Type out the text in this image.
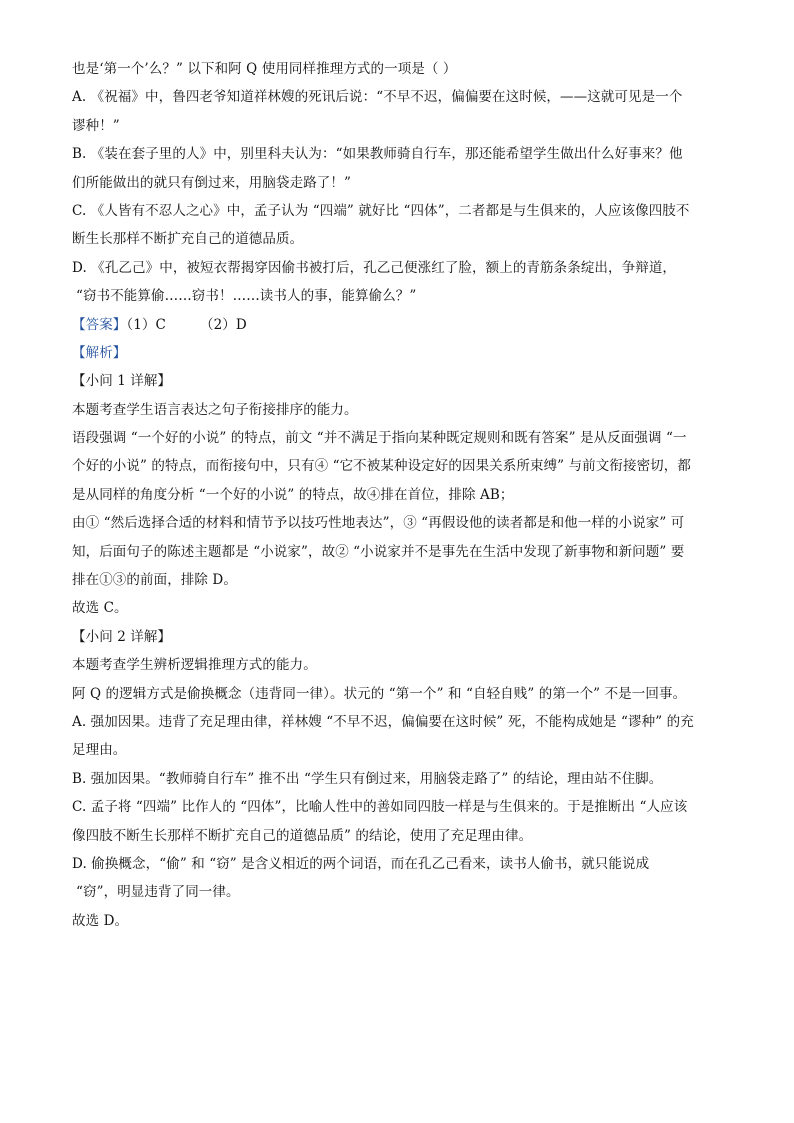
也是‘第一个’么？” 以下和阿 Q 使用同样推理方式的一项是（ ）

A. 《祝福》中，鲁四老爷知道祥林嫂的死讯后说：“不早不迟，偏偏要在这时候，——这就可见是一个

谬种！”

B. 《装在套子里的人》中，别里科夫认为：“如果教师骑自行车，那还能希望学生做出什么好事来？他

们所能做出的就只有倒过来，用脑袋走路了！”

C. 《人皆有不忍人之心》中，孟子认为 “四端” 就好比 “四体”，二者都是与生俱来的，人应该像四肢不

断生长那样不断扩充自己的道德品质。

D. 《孔乙己》中，被短衣帮揭穿因偷书被打后，孔乙己便涨红了脸，额上的青筋条条绽出，争辩道，

“窃书不能算偷……窃书！……读书人的事，能算偷么？”

【答案】（1）C	（2）D

【解析】

【小问 1 详解】

本题考查学生语言表达之句子衔接排序的能力。

语段强调 “一个好的小说” 的特点，前文 “并不满足于指向某种既定规则和既有答案” 是从反面强调 “一

个好的小说” 的特点，而衔接句中，只有④ “它不被某种设定好的因果关系所束缚” 与前文衔接密切，都

是从同样的角度分析 “一个好的小说” 的特点，故④排在首位，排除 AB；

由① “然后选择合适的材料和情节予以技巧性地表达”，③ “再假设他的读者都是和他一样的小说家” 可

知，后面句子的陈述主题都是 “小说家”，故② “小说家并不是事先在生活中发现了新事物和新问题” 要

排在①③的前面，排除 D。

故选 C。

【小问 2 详解】

本题考查学生辨析逻辑推理方式的能力。

阿 Q 的逻辑方式是偷换概念（违背同一律）。状元的 “第一个” 和 “自轻自贱” 的第一个” 不是一回事。

A. 强加因果。违背了充足理由律，祥林嫂 “不早不迟，偏偏要在这时候” 死，不能构成她是 “谬种” 的充

足理由。

B. 强加因果。“教师骑自行车” 推不出 “学生只有倒过来，用脑袋走路了” 的结论，理由站不住脚。

C. 孟子将 “四端” 比作人的 “四体”，比喻人性中的善如同四肢一样是与生俱来的。于是推断出 “人应该

像四肢不断生长那样不断扩充自己的道德品质” 的结论，使用了充足理由律。

D. 偷换概念，“偷” 和 “窃” 是含义相近的两个词语，而在孔乙己看来，读书人偷书，就只能说成

“窃”，明显违背了同一律。

故选 D。
